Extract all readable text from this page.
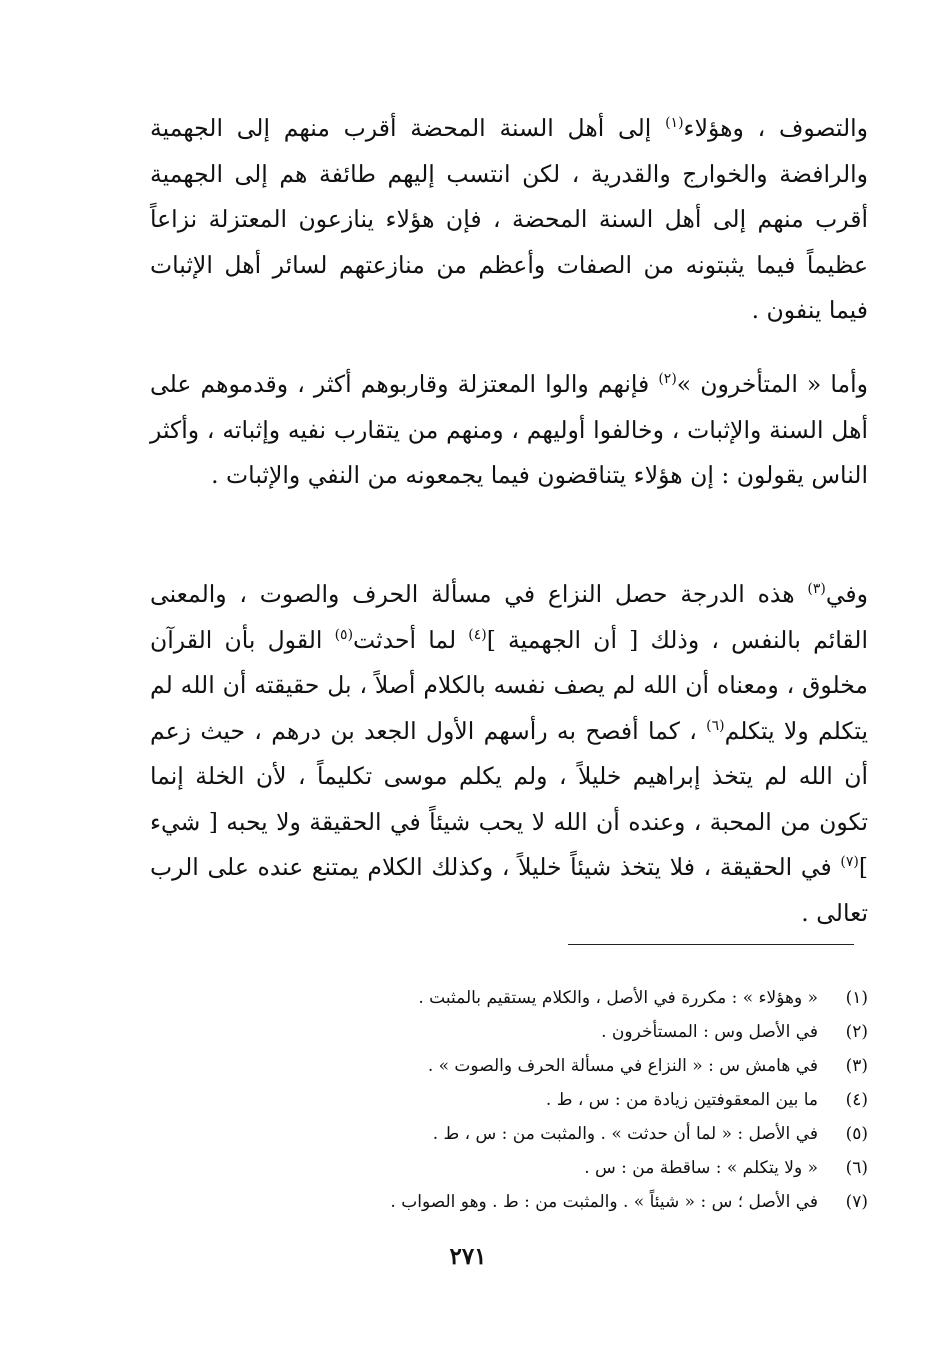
والتصوف ، وهؤلاء$^{(١)}$ إلى أهل السنة المحضة أقرب منهم إلى الجهمية والرافضة والخوارج والقدرية ، لكن انتسب إليهم طائفة هم إلى الجهمية أقرب منهم إلى أهل السنة المحضة ، فإن هؤلاء ينازعون المعتزلة نزاعاً عظيماً فيما يثبتونه من الصفات وأعظم من منازعتهم لسائر أهل الإثبات فيما ينفون .

وأما « المتأخرون »$^{(٢)}$ فإنهم والوا المعتزلة وقاربوهم أكثر ، وقدموهم على أهل السنة والإثبات ، وخالفوا أوليهم ، ومنهم من يتقارب نفيه وإثباته ، وأكثر الناس يقولون : إن هؤلاء يتناقضون فيما يجمعونه من النفي والإثبات .

وفي$^{(٣)}$ هذه الدرجة حصل النزاع في مسألة الحرف والصوت ، والمعنى القائم بالنفس ، وذلك [ أن الجهمية ]$^{(٤)}$ لما أحدثت$^{(٥)}$ القول بأن القرآن مخلوق ، ومعناه أن الله لم يصف نفسه بالكلام أصلاً ، بل حقيقته أن الله لم يتكلم ولا يتكلم$^{(٦)}$ ، كما أفصح به رأسهم الأول الجعد بن درهم ، حيث زعم أن الله لم يتخذ إبراهيم خليلاً ، ولم يكلم موسى تكليماً ، لأن الخلة إنما تكون من المحبة ، وعنده أن الله لا يحب شيئاً في الحقيقة ولا يحبه [ شيء ]$^{(٧)}$ في الحقيقة ، فلا يتخذ شيئاً خليلاً ، وكذلك الكلام يمتنع عنده على الرب تعالى .

(١)« وهؤلاء » : مكررة في الأصل ، والكلام يستقيم بالمثبت .
(٢)في الأصل وس : المستأخرون .
(٣)في هامش س : « النزاع في مسألة الحرف والصوت » .
(٤)ما بين المعقوفتين زيادة من : س ، ط .
(٥)في الأصل : « لما أن حدثت » . والمثبت من : س ، ط .
(٦)« ولا يتكلم » : ساقطة من : س .
(٧)في الأصل ؛ س : « شيئاً » . والمثبت من : ط . وهو الصواب .
٢٧١
